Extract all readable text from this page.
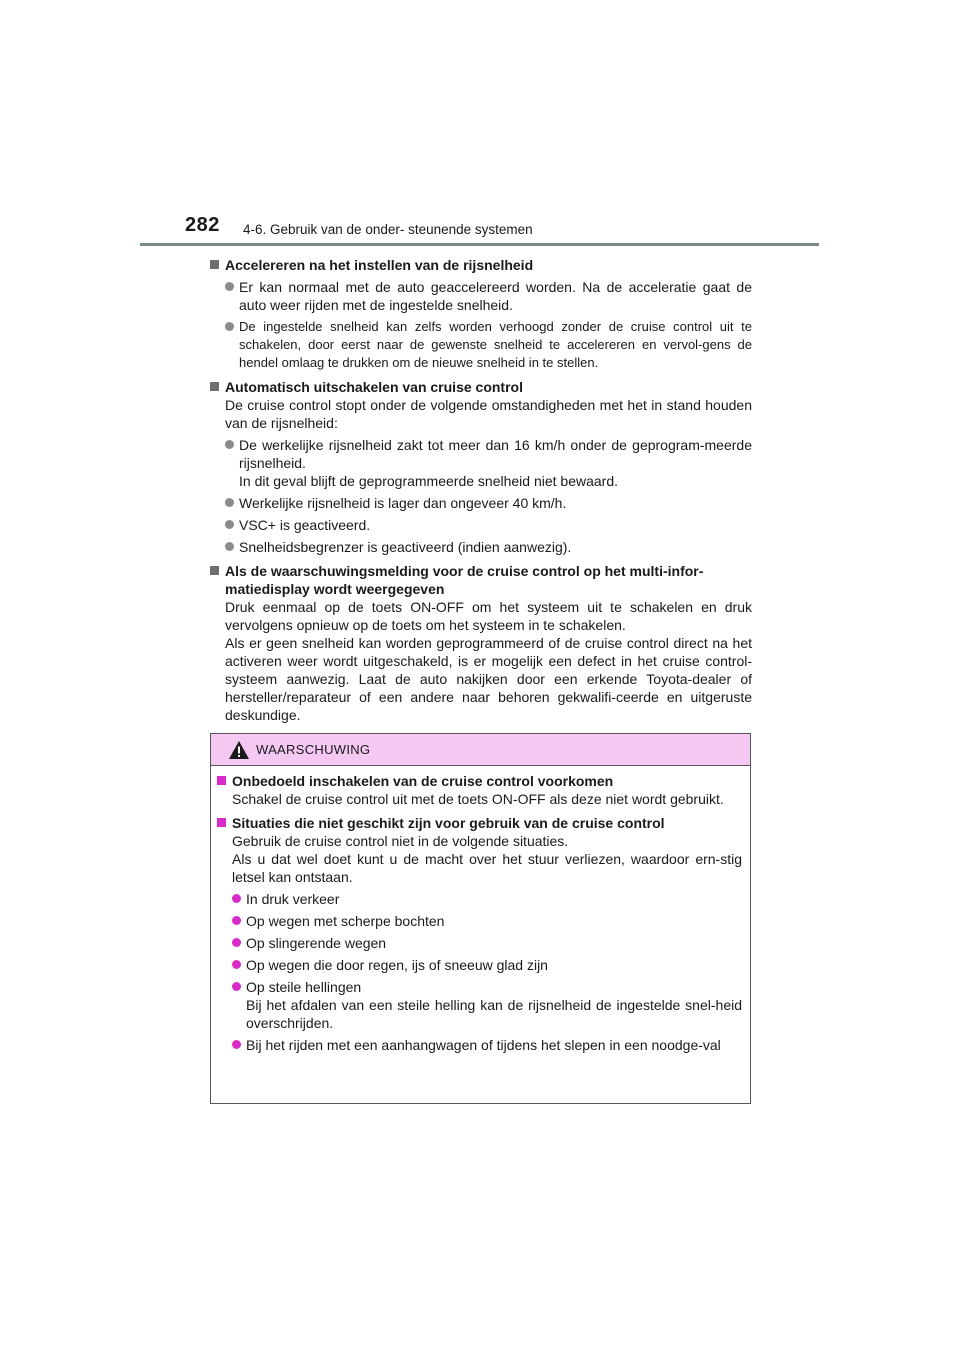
282 4-6. Gebruik van de onder- steunende systemen
Accelereren na het instellen van de rijsnelheid
Er kan normaal met de auto geaccelereerd worden. Na de acceleratie gaat de auto weer rijden met de ingestelde snelheid.
De ingestelde snelheid kan zelfs worden verhoogd zonder de cruise control uit te schakelen, door eerst naar de gewenste snelheid te accelereren en vervol-gens de hendel omlaag te drukken om de nieuwe snelheid in te stellen.
Automatisch uitschakelen van cruise control
De cruise control stopt onder de volgende omstandigheden met het in stand houden van de rijsnelheid:
De werkelijke rijsnelheid zakt tot meer dan 16 km/h onder de geprogram-meerde rijsnelheid.
In dit geval blijft de geprogrammeerde snelheid niet bewaard.
Werkelijke rijsnelheid is lager dan ongeveer 40 km/h.
VSC+ is geactiveerd.
Snelheidsbegrenzer is geactiveerd (indien aanwezig).
Als de waarschuwingsmelding voor de cruise control op het multi-infor-matiedisplay wordt weergegeven
Druk eenmaal op de toets ON-OFF om het systeem uit te schakelen en druk vervolgens opnieuw op de toets om het systeem in te schakelen.
Als er geen snelheid kan worden geprogrammeerd of de cruise control direct na het activeren weer wordt uitgeschakeld, is er mogelijk een defect in het cruise control-systeem aanwezig. Laat de auto nakijken door een erkende Toyota-dealer of hersteller/reparateur of een andere naar behoren gekwalifi-ceerde en uitgeruste deskundige.
WAARSCHUWING
Onbedoeld inschakelen van de cruise control voorkomen
Schakel de cruise control uit met de toets ON-OFF als deze niet wordt gebruikt.
Situaties die niet geschikt zijn voor gebruik van de cruise control
Gebruik de cruise control niet in de volgende situaties.
Als u dat wel doet kunt u de macht over het stuur verliezen, waardoor ern-stig letsel kan ontstaan.
In druk verkeer
Op wegen met scherpe bochten
Op slingerende wegen
Op wegen die door regen, ijs of sneeuw glad zijn
Op steile hellingen
Bij het afdalen van een steile helling kan de rijsnelheid de ingestelde snel-heid overschrijden.
Bij het rijden met een aanhangwagen of tijdens het slepen in een noodge-val
